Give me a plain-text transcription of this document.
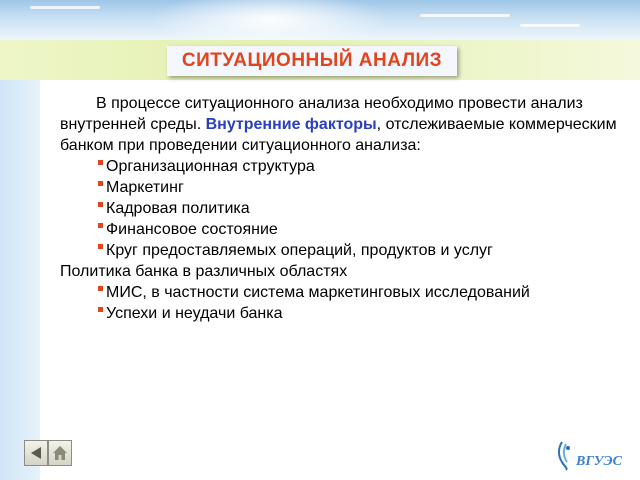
СИТУАЦИОННЫЙ АНАЛИЗ

В процессе ситуационного анализа необходимо провести анализ внутренней среды. Внутренние факторы, отслеживаемые коммерческим банком при проведении ситуационного анализа:

Организационная структура
Маркетинг
Кадровая политика
Финансовое состояние
Круг предоставляемых операций, продуктов и услуг

Политика банка в различных областях

МИС, в частности система маркетинговых исследований
Успехи и неудачи банка
ВГУЭС
